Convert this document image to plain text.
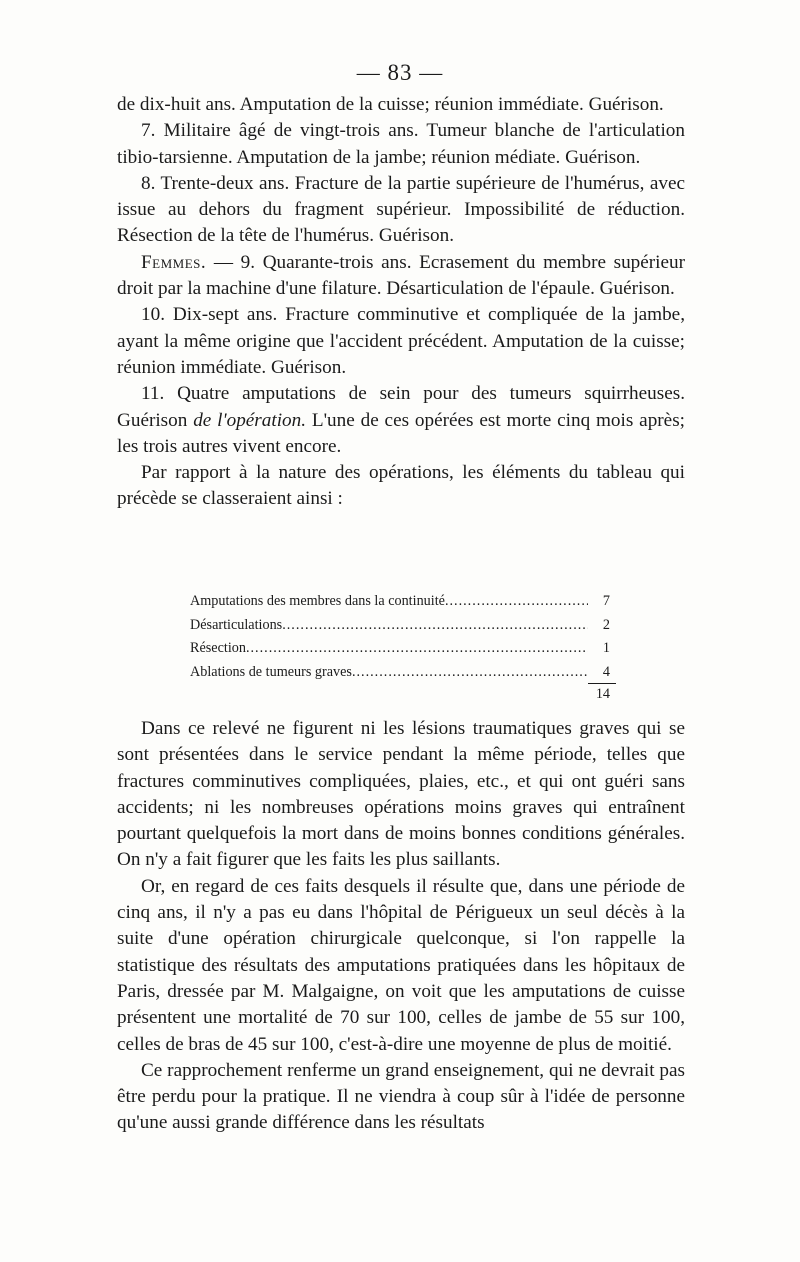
— 83 —

de dix-huit ans. Amputation de la cuisse; réunion immédiate. Guérison.

7. Militaire âgé de vingt-trois ans. Tumeur blanche de l'articulation tibio-tarsienne. Amputation de la jambe; réunion médiate. Guérison.

8. Trente-deux ans. Fracture de la partie supérieure de l'humérus, avec issue au dehors du fragment supérieur. Impossibilité de réduction. Résection de la tête de l'humérus. Guérison.

Femmes. — 9. Quarante-trois ans. Ecrasement du membre supérieur droit par la machine d'une filature. Désarticulation de l'épaule. Guérison.

10. Dix-sept ans. Fracture comminutive et compliquée de la jambe, ayant la même origine que l'accident précédent. Amputation de la cuisse; réunion immédiate. Guérison.

11. Quatre amputations de sein pour des tumeurs squirrheuses. Guérison de l'opération. L'une de ces opérées est morte cinq mois après; les trois autres vivent encore.

Par rapport à la nature des opérations, les éléments du tableau qui précède se classeraient ainsi :

Amputations des membres dans la continuité .....	7
Désarticulations .....	2
Résection .....	1
Ablations de tumeurs graves .....	4
14

Dans ce relevé ne figurent ni les lésions traumatiques graves qui se sont présentées dans le service pendant la même période, telles que fractures comminutives compliquées, plaies, etc., et qui ont guéri sans accidents; ni les nombreuses opérations moins graves qui entraînent pourtant quelquefois la mort dans de moins bonnes conditions générales. On n'y a fait figurer que les faits les plus saillants.

Or, en regard de ces faits desquels il résulte que, dans une période de cinq ans, il n'y a pas eu dans l'hôpital de Périgueux un seul décès à la suite d'une opération chirurgicale quelconque, si l'on rappelle la statistique des résultats des amputations pratiquées dans les hôpitaux de Paris, dressée par M. Malgaigne, on voit que les amputations de cuisse présentent une mortalité de 70 sur 100, celles de jambe de 55 sur 100, celles de bras de 45 sur 100, c'est-à-dire une moyenne de plus de moitié.

Ce rapprochement renferme un grand enseignement, qui ne devrait pas être perdu pour la pratique. Il ne viendra à coup sûr à l'idée de personne qu'une aussi grande différence dans les résultats
